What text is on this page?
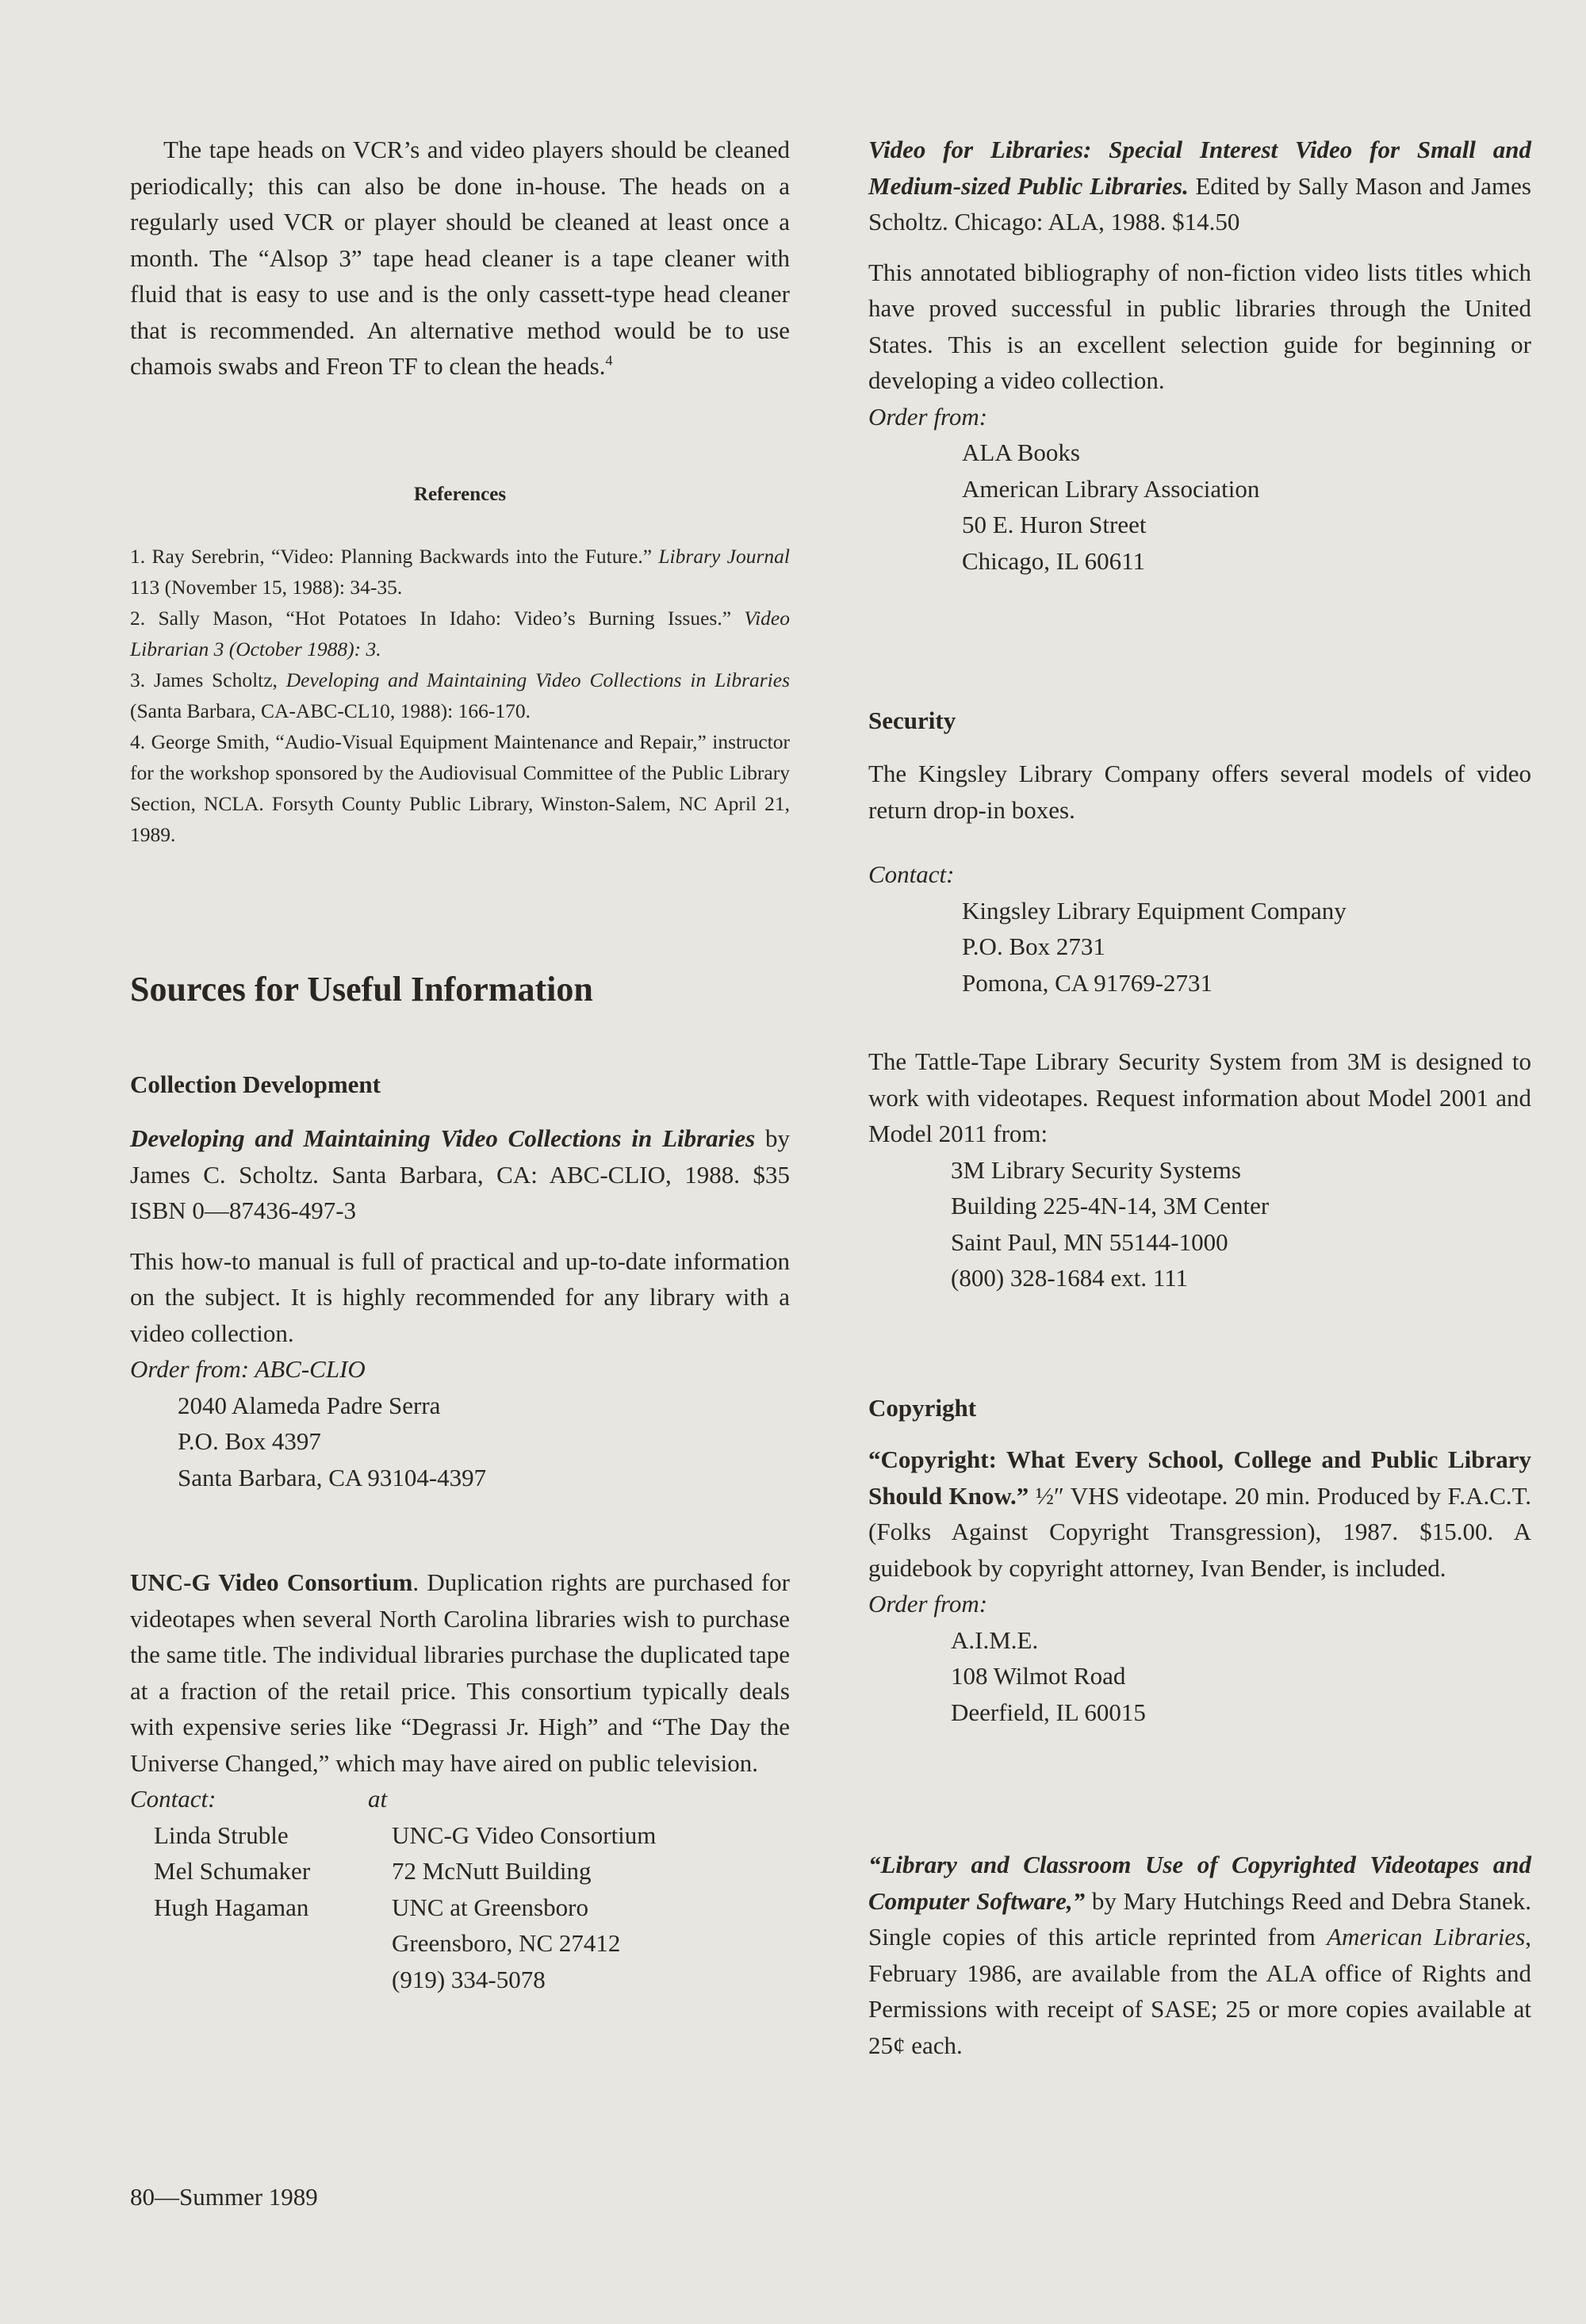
The tape heads on VCR’s and video players should be cleaned periodically; this can also be done in-house. The heads on a regularly used VCR or player should be cleaned at least once a month. The “Alsop 3” tape head cleaner is a tape cleaner with fluid that is easy to use and is the only cassett-type head cleaner that is recommended. An alternative method would be to use chamois swabs and Freon TF to clean the heads.$^4$
References
1. Ray Serebrin, “Video: Planning Backwards into the Future.” Library Journal 113 (November 15, 1988): 34-35.
2. Sally Mason, “Hot Potatoes In Idaho: Video’s Burning Issues.” Video Librarian 3 (October 1988): 3.
3. James Scholtz, Developing and Maintaining Video Collections in Libraries (Santa Barbara, CA-ABC-CL10, 1988): 166-170.
4. George Smith, “Audio-Visual Equipment Maintenance and Repair,” instructor for the workshop sponsored by the Audiovisual Committee of the Public Library Section, NCLA. Forsyth County Public Library, Winston-Salem, NC April 21, 1989.
Sources for Useful Information
Collection Development
Developing and Maintaining Video Collections in Libraries by James C. Scholtz. Santa Barbara, CA: ABC-CLIO, 1988. $35 ISBN 0—87436-497-3
This how-to manual is full of practical and up-to-date information on the subject. It is highly recommended for any library with a video collection.
Order from: ABC-CLIO
2040 Alameda Padre Serra
P.O. Box 4397
Santa Barbara, CA 93104-4397
UNC-G Video Consortium. Duplication rights are purchased for videotapes when several North Carolina libraries wish to purchase the same title. The individual libraries purchase the duplicated tape at a fraction of the retail price. This consortium typically deals with expensive series like “Degrassi Jr. High” and “The Day the Universe Changed,” which may have aired on public television.
Contact:	at
Linda Struble	UNC-G Video Consortium
Mel Schumaker	72 McNutt Building
Hugh Hagaman	UNC at Greensboro
Greensboro, NC 27412
(919) 334-5078
80—Summer 1989
Video for Libraries: Special Interest Video for Small and Medium-sized Public Libraries. Edited by Sally Mason and James Scholtz. Chicago: ALA, 1988. $14.50
This annotated bibliography of non-fiction video lists titles which have proved successful in public libraries through the United States. This is an excellent selection guide for beginning or developing a video collection.
Order from:
ALA Books
American Library Association
50 E. Huron Street
Chicago, IL 60611
Security
The Kingsley Library Company offers several models of video return drop-in boxes.
Contact:
Kingsley Library Equipment Company
P.O. Box 2731
Pomona, CA 91769-2731
The Tattle-Tape Library Security System from 3M is designed to work with videotapes. Request information about Model 2001 and Model 2011 from:
3M Library Security Systems
Building 225-4N-14, 3M Center
Saint Paul, MN 55144-1000
(800) 328-1684 ext. 111
Copyright
“Copyright: What Every School, College and Public Library Should Know.” ½″ VHS videotape. 20 min. Produced by F.A.C.T. (Folks Against Copyright Transgression), 1987. $15.00. A guidebook by copyright attorney, Ivan Bender, is included.
Order from:
A.I.M.E.
108 Wilmot Road
Deerfield, IL 60015
“Library and Classroom Use of Copyrighted Videotapes and Computer Software,” by Mary Hutchings Reed and Debra Stanek. Single copies of this article reprinted from American Libraries, February 1986, are available from the ALA office of Rights and Permissions with receipt of SASE; 25 or more copies available at 25¢ each.
